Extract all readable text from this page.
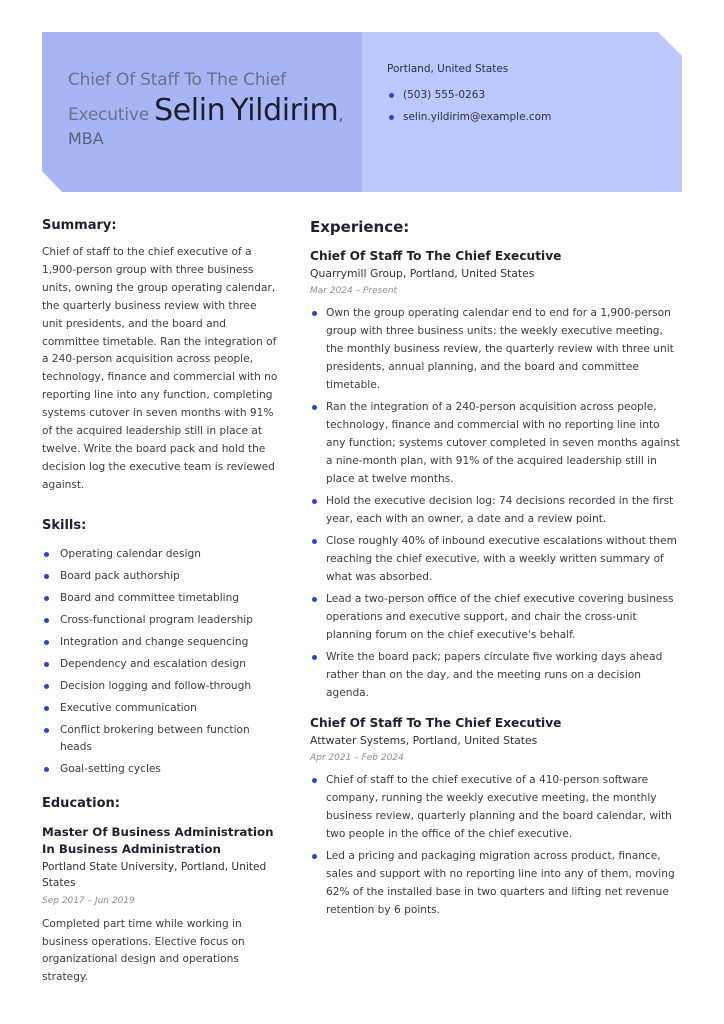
Chief Of Staff To The Chief Executive Selin Yildirim, MBA
Portland, United States
(503) 555-0263
selin.yildirim@example.com
Summary:
Chief of staff to the chief executive of a 1,900-person group with three business units, owning the group operating calendar, the quarterly business review with three unit presidents, and the board and committee timetable. Ran the integration of a 240-person acquisition across people, technology, finance and commercial with no reporting line into any function, completing systems cutover in seven months with 91% of the acquired leadership still in place at twelve. Write the board pack and hold the decision log the executive team is reviewed against.
Skills:
Operating calendar design
Board pack authorship
Board and committee timetabling
Cross-functional program leadership
Integration and change sequencing
Dependency and escalation design
Decision logging and follow-through
Executive communication
Conflict brokering between function heads
Goal-setting cycles
Education:
Master Of Business Administration In Business Administration
Portland State University, Portland, United States
Sep 2017 – Jun 2019
Completed part time while working in business operations. Elective focus on organizational design and operations strategy.
Experience:
Chief Of Staff To The Chief Executive
Quarrymill Group, Portland, United States
Mar 2024 – Present
Own the group operating calendar end to end for a 1,900-person group with three business units: the weekly executive meeting, the monthly business review, the quarterly review with three unit presidents, annual planning, and the board and committee timetable.
Ran the integration of a 240-person acquisition across people, technology, finance and commercial with no reporting line into any function; systems cutover completed in seven months against a nine-month plan, with 91% of the acquired leadership still in place at twelve months.
Hold the executive decision log: 74 decisions recorded in the first year, each with an owner, a date and a review point.
Close roughly 40% of inbound executive escalations without them reaching the chief executive, with a weekly written summary of what was absorbed.
Lead a two-person office of the chief executive covering business operations and executive support, and chair the cross-unit planning forum on the chief executive's behalf.
Write the board pack; papers circulate five working days ahead rather than on the day, and the meeting runs on a decision agenda.
Chief Of Staff To The Chief Executive
Attwater Systems, Portland, United States
Apr 2021 – Feb 2024
Chief of staff to the chief executive of a 410-person software company, running the weekly executive meeting, the monthly business review, quarterly planning and the board calendar, with two people in the office of the chief executive.
Led a pricing and packaging migration across product, finance, sales and support with no reporting line into any of them, moving 62% of the installed base in two quarters and lifting net revenue retention by 6 points.
